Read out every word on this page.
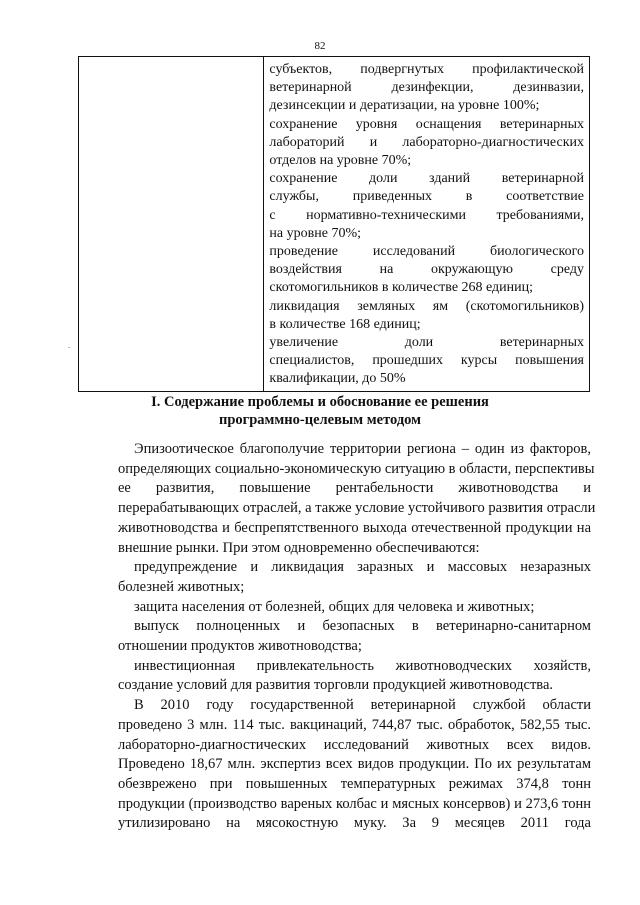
82
.

субъектов, подвергнутых профилактической
ветеринарной дезинфекции, дезинвазии,
дезинсекции и дератизации, на уровне 100%;
сохранение уровня оснащения ветеринарных
лабораторий и лабораторно-диагностических
отделов на уровне 70%;
сохранение доли зданий ветеринарной
службы, приведенных в соответствие
с нормативно-техническими требованиями,
на уровне 70%;
проведение исследований биологического
воздействия на окружающую среду
скотомогильников в количестве 268 единиц;
ликвидация земляных ям (скотомогильников)
в количестве 168 единиц;
увеличение доли ветеринарных
специалистов, прошедших курсы повышения
квалификации, до 50%
I. Содержание проблемы и обоснование ее решения
программно-целевым методом
Эпизоотическое благополучие территории региона – один из факторов,
определяющих социально-экономическую ситуацию в области, перспективы
ее развития, повышение рентабельности животноводства и
перерабатывающих отраслей, а также условие устойчивого развития отрасли
животноводства и беспрепятственного выхода отечественной продукции на
внешние рынки. При этом одновременно обеспечиваются:
предупреждение и ликвидация заразных и массовых незаразных
болезней животных;
защита населения от болезней, общих для человека и животных;
выпуск полноценных и безопасных в ветеринарно-санитарном
отношении продуктов животноводства;
инвестиционная привлекательность животноводческих хозяйств,
создание условий для развития торговли продукцией животноводства.
В 2010 году государственной ветеринарной службой области
проведено 3 млн. 114 тыс. вакцинаций, 744,87 тыс. обработок, 582,55 тыс.
лабораторно-диагностических исследований животных всех видов.
Проведено 18,67 млн. экспертиз всех видов продукции. По их результатам
обезврежено при повышенных температурных режимах 374,8 тонн
продукции (производство вареных колбас и мясных консервов) и 273,6 тонн
утилизировано на мясокостную муку. За 9 месяцев 2011 года
